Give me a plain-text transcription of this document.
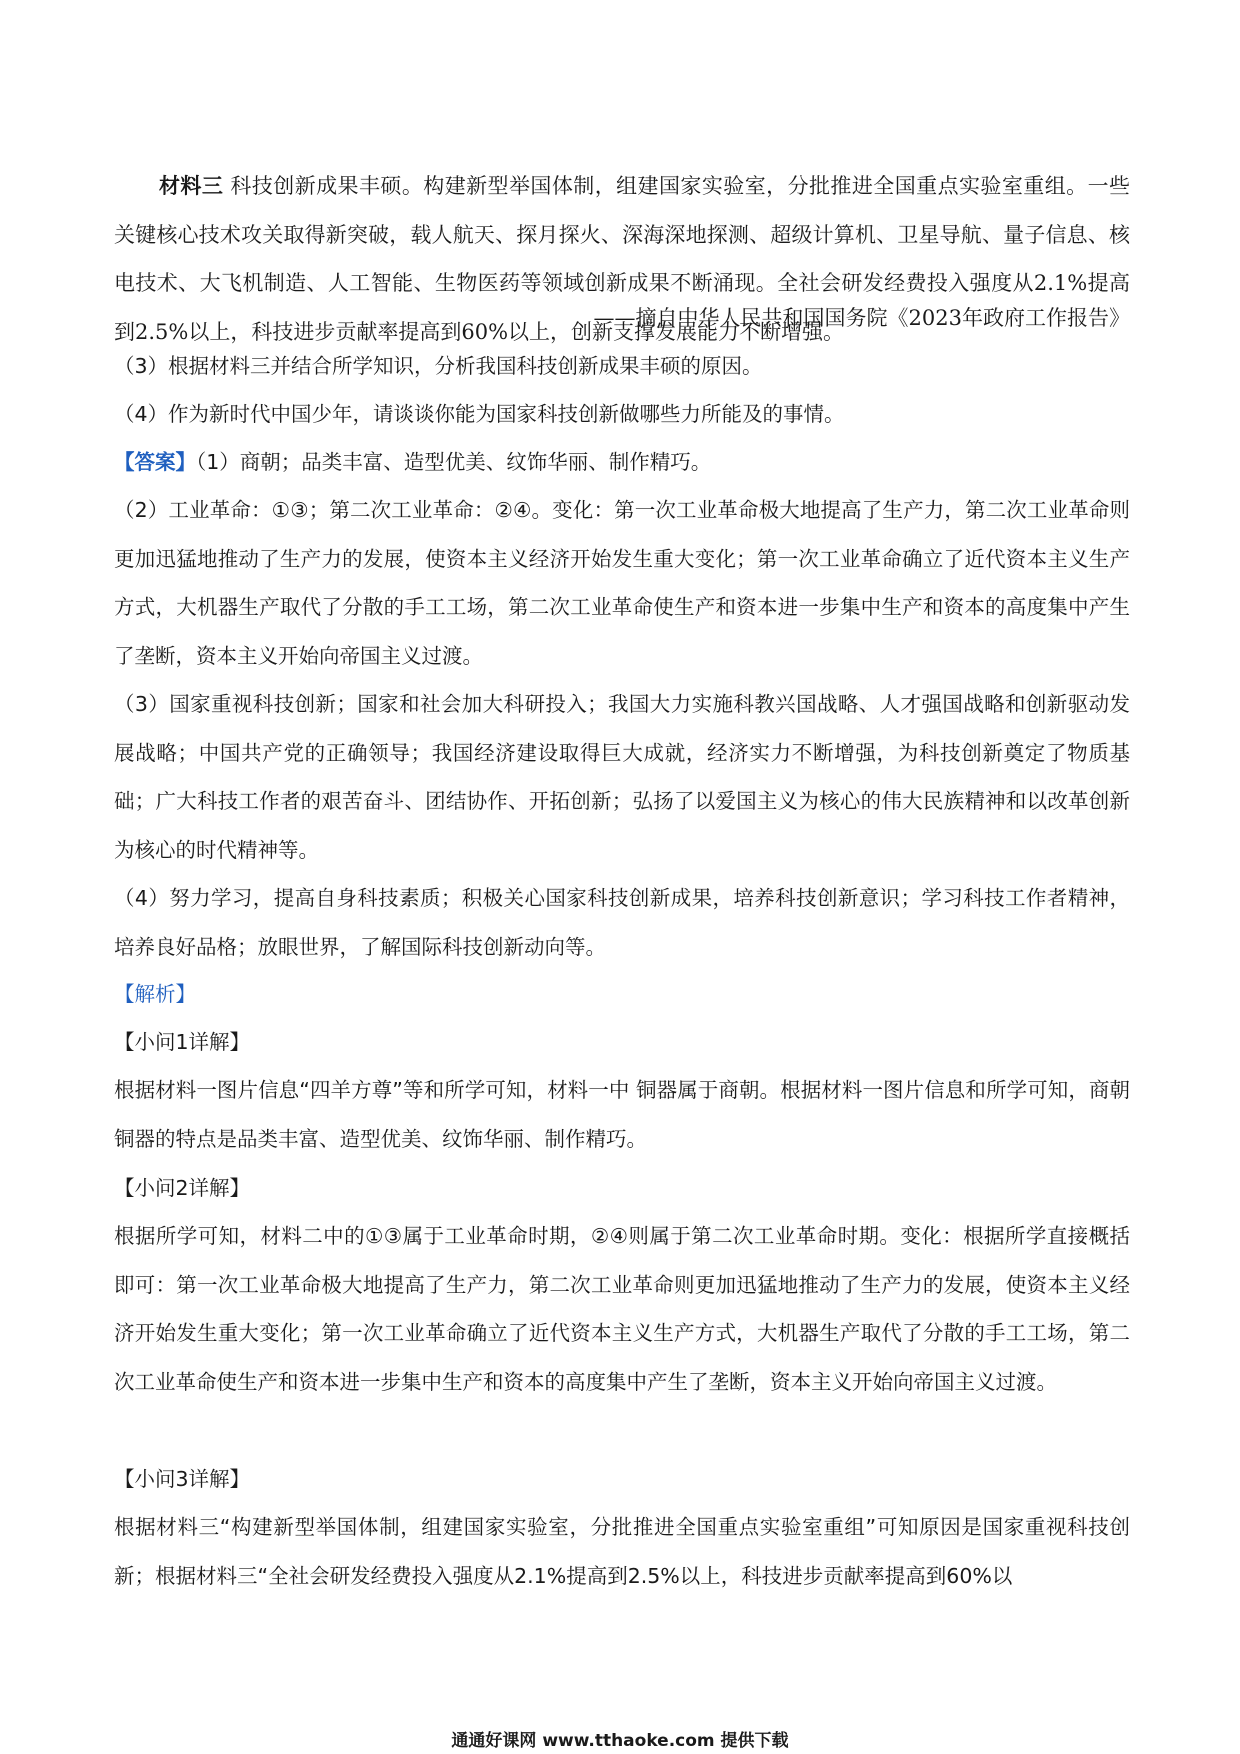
材料三 科技创新成果丰硕。构建新型举国体制，组建国家实验室，分批推进全国重点实验室重组。一些关键核心技术攻关取得新突破，载人航天、探月探火、深海深地探测、超级计算机、卫星导航、量子信息、核电技术、大飞机制造、人工智能、生物医药等领域创新成果不断涌现。全社会研发经费投入强度从2.1%提高到2.5%以上，科技进步贡献率提高到60%以上，创新支撑发展能力不断增强。

——摘自中华人民共和国国务院《2023年政府工作报告》

（3）根据材料三并结合所学知识，分析我国科技创新成果丰硕的原因。

（4）作为新时代中国少年，请谈谈你能为国家科技创新做哪些力所能及的事情。

【答案】（1）商朝；品类丰富、造型优美、纹饰华丽、制作精巧。

（2）工业革命：①③；第二次工业革命：②④。变化：第一次工业革命极大地提高了生产力，第二次工业革命则更加迅猛地推动了生产力的发展，使资本主义经济开始发生重大变化；第一次工业革命确立了近代资本主义生产方式，大机器生产取代了分散的手工工场，第二次工业革命使生产和资本进一步集中生产和资本的高度集中产生了垄断，资本主义开始向帝国主义过渡。

（3）国家重视科技创新；国家和社会加大科研投入；我国大力实施科教兴国战略、人才强国战略和创新驱动发展战略；中国共产党的正确领导；我国经济建设取得巨大成就，经济实力不断增强，为科技创新奠定了物质基础；广大科技工作者的艰苦奋斗、团结协作、开拓创新；弘扬了以爱国主义为核心的伟大民族精神和以改革创新为核心的时代精神等。

（4）努力学习，提高自身科技素质；积极关心国家科技创新成果，培养科技创新意识；学习科技工作者精神，培养良好品格；放眼世界，了解国际科技创新动向等。

【解析】

【小问1详解】

根据材料一图片信息“四羊方尊”等和所学可知，材料一中 铜器属于商朝。根据材料一图片信息和所学可知，商朝铜器的特点是品类丰富、造型优美、纹饰华丽、制作精巧。

【小问2详解】

根据所学可知，材料二中的①③属于工业革命时期，②④则属于第二次工业革命时期。变化：根据所学直接概括即可：第一次工业革命极大地提高了生产力，第二次工业革命则更加迅猛地推动了生产力的发展，使资本主义经济开始发生重大变化；第一次工业革命确立了近代资本主义生产方式，大机器生产取代了分散的手工工场，第二次工业革命使生产和资本进一步集中生产和资本的高度集中产生了垄断，资本主义开始向帝国主义过渡。

【小问3详解】

根据材料三“构建新型举国体制，组建国家实验室，分批推进全国重点实验室重组”可知原因是国家重视科技创新；根据材料三“全社会研发经费投入强度从2.1%提高到2.5%以上，科技进步贡献率提高到60%以

通通好课网 www.tthaoke.com 提供下载
